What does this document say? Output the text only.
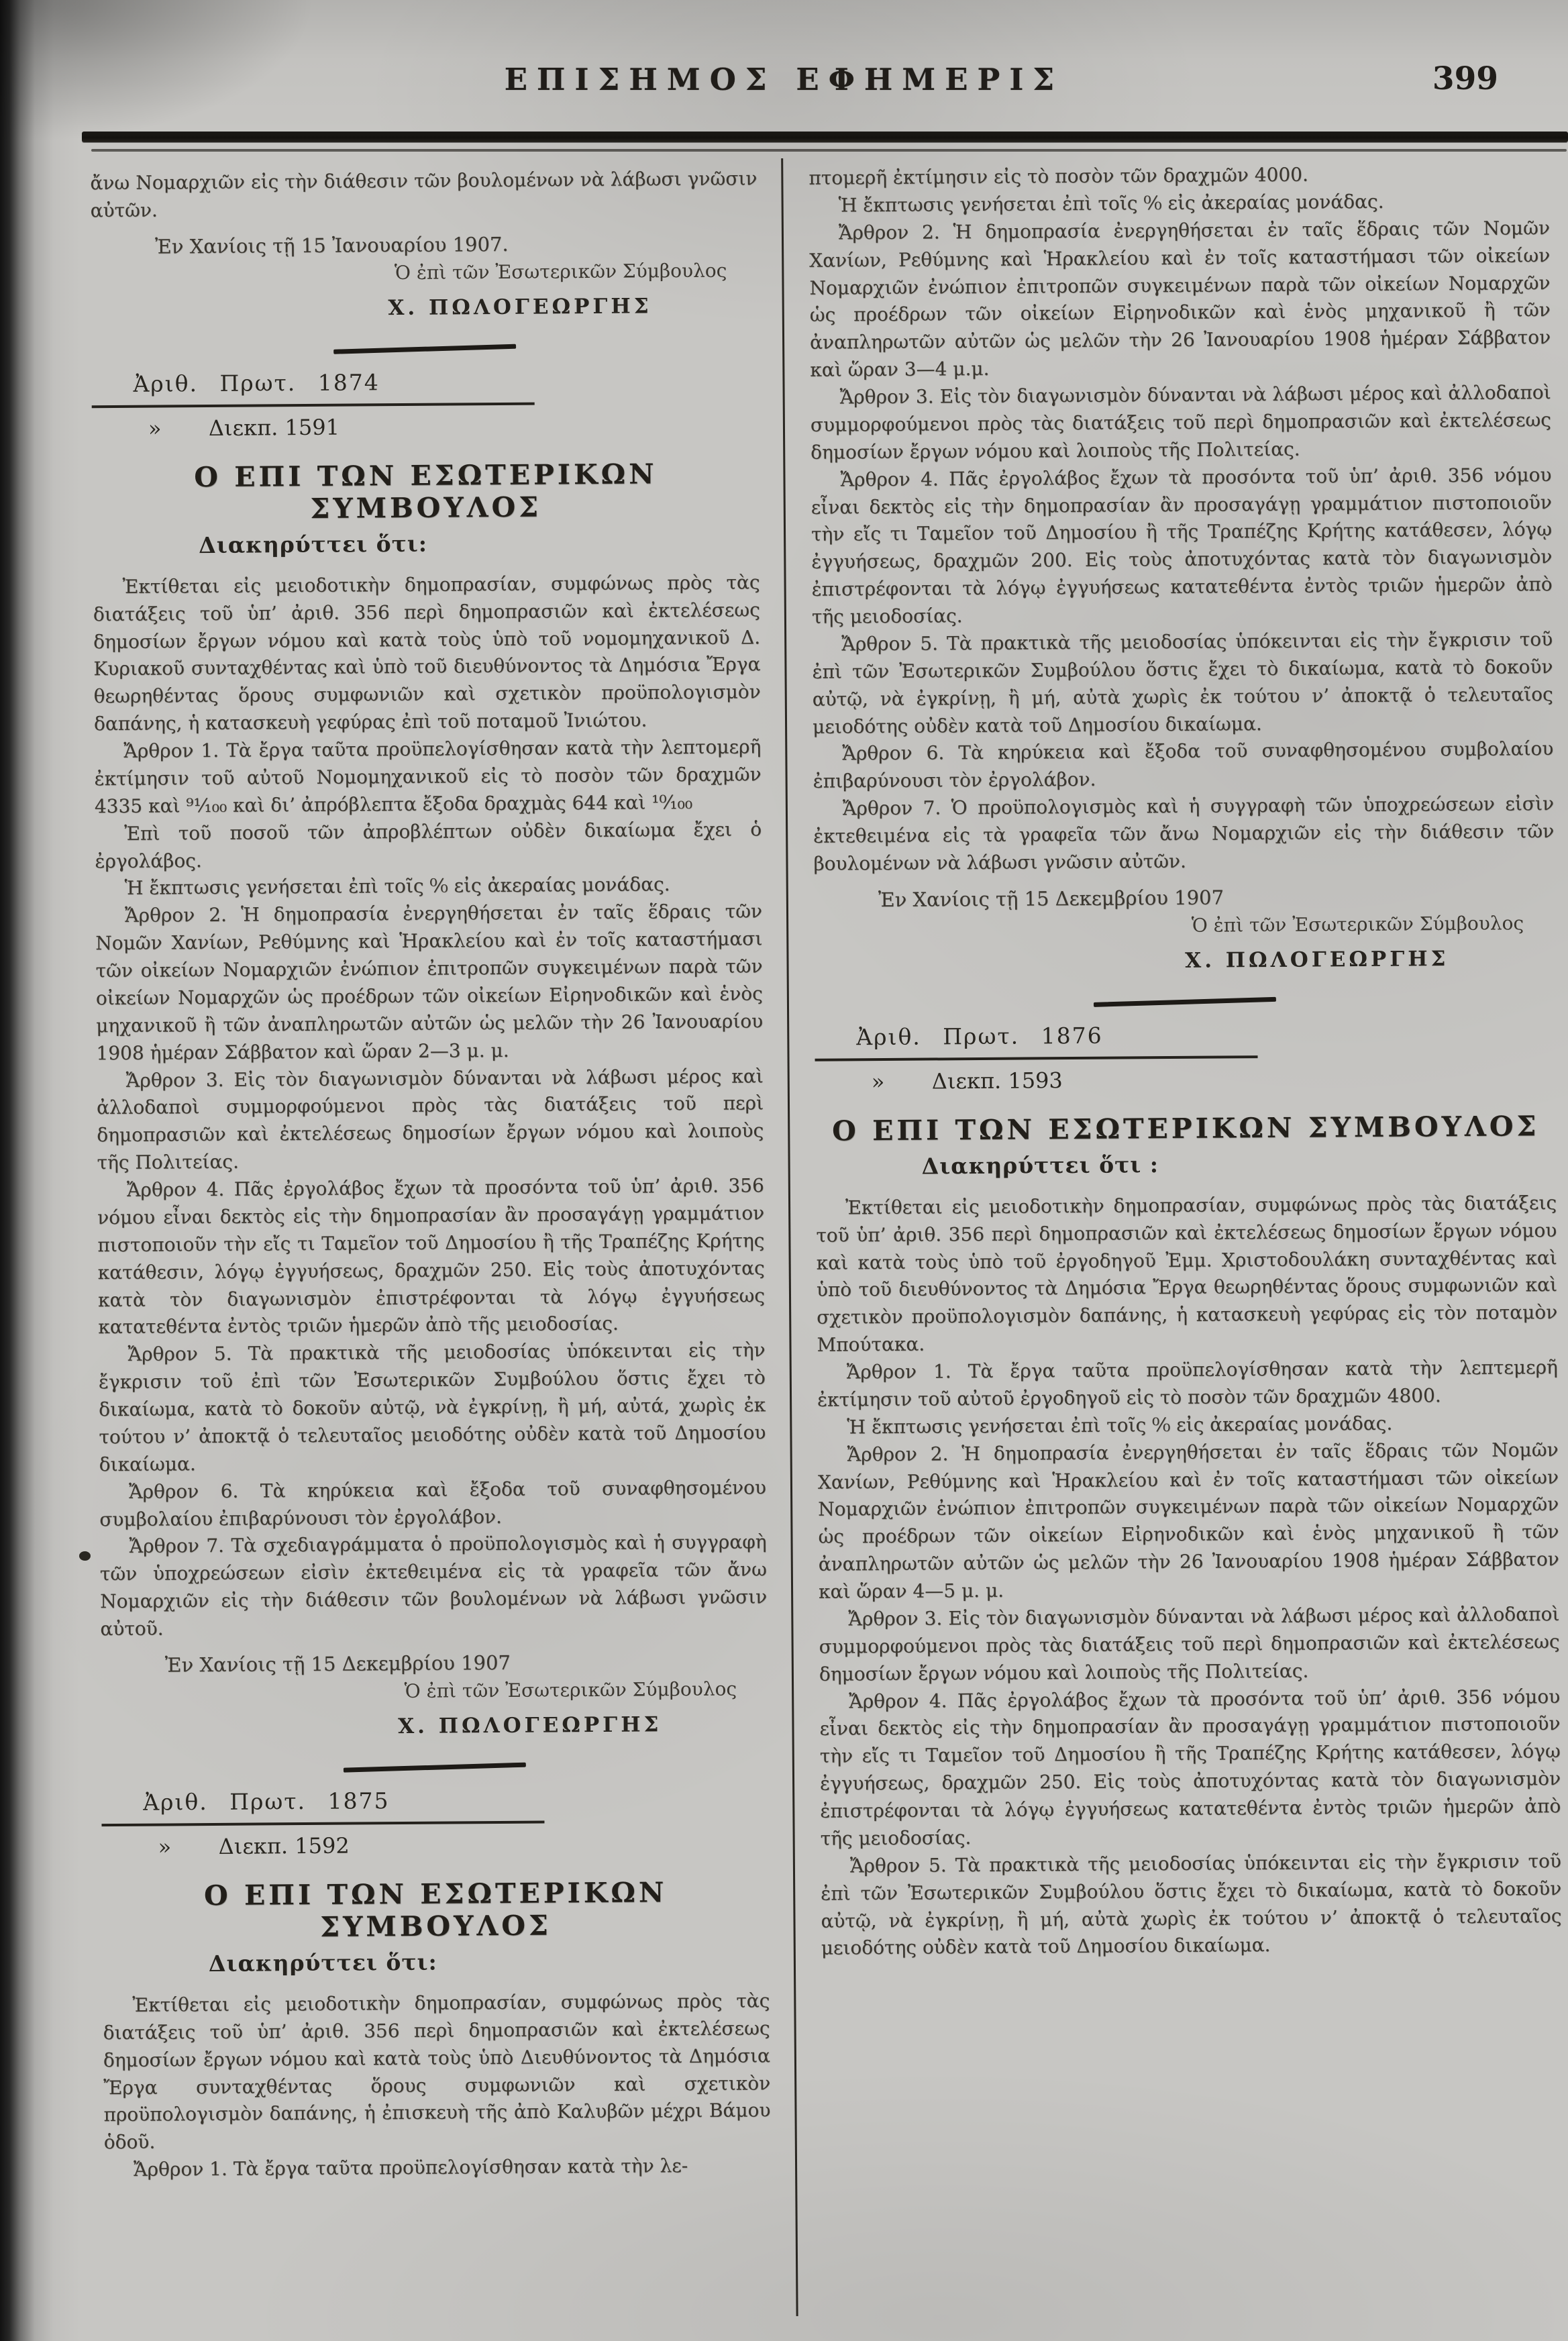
ΕΠΙΣΗΜΟΣ ΕΦΗΜΕΡΙΣ	399

ἄνω Νομαρχιῶν εἰς τὴν διάθεσιν τῶν βουλομένων νὰ λάβωσι γνῶσιν αὐτῶν.

Ἐν Χανίοις τῇ 15 Ἰανουαρίου 1907.

Ὁ ἐπὶ τῶν Ἐσωτερικῶν Σύμβουλος

Χ. ΠΩΛΟΓΕΩΡΓΗΣ

Ἀριθ. Πρωτ. 1874
» Διεκπ. 1591
Ο ΕΠΙ ΤΩΝ ΕΣΩΤΕΡΙΚΩΝ ΣΥΜΒΟΥΛΟΣ

Διακηρύττει ὅτι:

Ἐκτίθεται εἰς μειοδοτικὴν δημοπρασίαν, συμφώνως πρὸς τὰς διατάξεις τοῦ ὑπ’ ἀριθ. 356 περὶ δημοπρασιῶν καὶ ἐκτελέσεως δημοσίων ἔργων νόμου καὶ κατὰ τοὺς ὑπὸ τοῦ νομομηχανικοῦ Δ. Κυριακοῦ συνταχθέντας καὶ ὑπὸ τοῦ διευθύνοντος τὰ Δημόσια Ἔργα θεωρηθέντας ὅρους συμφωνιῶν καὶ σχετικὸν προϋπολογισμὸν δαπάνης, ἡ κατασκευὴ γεφύρας ἐπὶ τοῦ ποταμοῦ Ἰνιώτου.

Ἄρθρον 1. Τὰ ἔργα ταῦτα προϋπελογίσθησαν κατὰ τὴν λεπτομερῆ ἐκτίμησιν τοῦ αὐτοῦ Νομομηχανικοῦ εἰς τὸ ποσὸν τῶν δραχμῶν 4335 καὶ ⁹¹⁄₁₀₀ καὶ δι’ ἀπρόβλεπτα ἔξοδα δραχμὰς 644 καὶ ¹⁰⁄₁₀₀

Ἐπὶ τοῦ ποσοῦ τῶν ἀπροβλέπτων οὐδὲν δικαίωμα ἔχει ὁ ἐργολάβος.

Ἡ ἔκπτωσις γενήσεται ἐπὶ τοῖς ⁰⁄₀ εἰς ἀκεραίας μονάδας.

Ἄρθρον 2. Ἡ δημοπρασία ἐνεργηθήσεται ἐν ταῖς ἕδραις τῶν Νομῶν Χανίων, Ρεθύμνης καὶ Ἡρακλείου καὶ ἐν τοῖς καταστήμασι τῶν οἰκείων Νομαρχιῶν ἐνώπιον ἐπιτροπῶν συγκειμένων παρὰ τῶν οἰκείων Νομαρχῶν ὡς προέδρων τῶν οἰκείων Εἰρηνοδικῶν καὶ ἑνὸς μηχανικοῦ ἢ τῶν ἀναπληρωτῶν αὐτῶν ὡς μελῶν τὴν 26 Ἰανουαρίου 1908 ἡμέραν Σάββατον καὶ ὥραν 2—3 μ. μ.

Ἄρθρον 3. Εἰς τὸν διαγωνισμὸν δύνανται νὰ λάβωσι μέρος καὶ ἀλλοδαποὶ συμμορφούμενοι πρὸς τὰς διατάξεις τοῦ περὶ δημοπρασιῶν καὶ ἐκτελέσεως δημοσίων ἔργων νόμου καὶ λοιποὺς τῆς Πολιτείας.

Ἄρθρον 4. Πᾶς ἐργολάβος ἔχων τὰ προσόντα τοῦ ὑπ’ ἀριθ. 356 νόμου εἶναι δεκτὸς εἰς τὴν δημοπρασίαν ἂν προσαγάγῃ γραμμάτιον πιστοποιοῦν τὴν εἴς τι Ταμεῖον τοῦ Δημοσίου ἢ τῆς Τραπέζης Κρήτης κατάθεσιν, λόγῳ ἐγγυήσεως, δραχμῶν 250. Εἰς τοὺς ἀποτυχόντας κατὰ τὸν διαγωνισμὸν ἐπιστρέφονται τὰ λόγῳ ἐγγυήσεως κατατεθέντα ἐντὸς τριῶν ἡμερῶν ἀπὸ τῆς μειοδοσίας.

Ἄρθρον 5. Τὰ πρακτικὰ τῆς μειοδοσίας ὑπόκεινται εἰς τὴν ἔγκρισιν τοῦ ἐπὶ τῶν Ἐσωτερικῶν Συμβούλου ὅστις ἔχει τὸ δικαίωμα, κατὰ τὸ δοκοῦν αὐτῷ, νὰ ἐγκρίνῃ, ἢ μή, αὐτά, χωρὶς ἐκ τούτου ν’ ἀποκτᾷ ὁ τελευταῖος μειοδότης οὐδὲν κατὰ τοῦ Δημοσίου δικαίωμα.

Ἄρθρον 6. Τὰ κηρύκεια καὶ ἔξοδα τοῦ συναφθησομένου συμβολαίου ἐπιβαρύνουσι τὸν ἐργολάβον.

Ἄρθρον 7. Τὰ σχεδιαγράμματα ὁ προϋπολογισμὸς καὶ ἡ συγγραφὴ τῶν ὑποχρεώσεων εἰσὶν ἐκτεθειμένα εἰς τὰ γραφεῖα τῶν ἄνω Νομαρχιῶν εἰς τὴν διάθεσιν τῶν βουλομένων νὰ λάβωσι γνῶσιν αὐτοῦ.

Ἐν Χανίοις τῇ 15 Δεκεμβρίου 1907

Ὁ ἐπὶ τῶν Ἐσωτερικῶν Σύμβουλος

Χ. ΠΩΛΟΓΕΩΡΓΗΣ

Ἀριθ. Πρωτ. 1875
» Διεκπ. 1592
Ο ΕΠΙ ΤΩΝ ΕΣΩΤΕΡΙΚΩΝ ΣΥΜΒΟΥΛΟΣ

Διακηρύττει ὅτι:

Ἐκτίθεται εἰς μειοδοτικὴν δημοπρασίαν, συμφώνως πρὸς τὰς διατάξεις τοῦ ὑπ’ ἀριθ. 356 περὶ δημοπρασιῶν καὶ ἐκτελέσεως δημοσίων ἔργων νόμου καὶ κατὰ τοὺς ὑπὸ Διευθύνοντος τὰ Δημόσια Ἔργα συνταχθέντας ὅρους συμφωνιῶν καὶ σχετικὸν προϋπολογισμὸν δαπάνης, ἡ ἐπισκευὴ τῆς ἀπὸ Καλυβῶν μέχρι Βάμου ὁδοῦ.

Ἄρθρον 1. Τὰ ἔργα ταῦτα προϋπελογίσθησαν κατὰ τὴν λε-

πτομερῆ ἐκτίμησιν εἰς τὸ ποσὸν τῶν δραχμῶν 4000.

Ἡ ἔκπτωσις γενήσεται ἐπὶ τοῖς ⁰⁄₀ εἰς ἀκεραίας μονάδας.

Ἄρθρον 2. Ἡ δημοπρασία ἐνεργηθήσεται ἐν ταῖς ἕδραις τῶν Νομῶν Χανίων, Ρεθύμνης καὶ Ἡρακλείου καὶ ἐν τοῖς καταστήμασι τῶν οἰκείων Νομαρχιῶν ἐνώπιον ἐπιτροπῶν συγκειμένων παρὰ τῶν οἰκείων Νομαρχῶν ὡς προέδρων τῶν οἰκείων Εἰρηνοδικῶν καὶ ἑνὸς μηχανικοῦ ἢ τῶν ἀναπληρωτῶν αὐτῶν ὡς μελῶν τὴν 26 Ἰανουαρίου 1908 ἡμέραν Σάββατον καὶ ὥραν 3—4 μ.μ.

Ἄρθρον 3. Εἰς τὸν διαγωνισμὸν δύνανται νὰ λάβωσι μέρος καὶ ἀλλοδαποὶ συμμορφούμενοι πρὸς τὰς διατάξεις τοῦ περὶ δημοπρασιῶν καὶ ἐκτελέσεως δημοσίων ἔργων νόμου καὶ λοιποὺς τῆς Πολιτείας.

Ἄρθρον 4. Πᾶς ἐργολάβος ἔχων τὰ προσόντα τοῦ ὑπ’ ἀριθ. 356 νόμου εἶναι δεκτὸς εἰς τὴν δημοπρασίαν ἂν προσαγάγῃ γραμμάτιον πιστοποιοῦν τὴν εἴς τι Ταμεῖον τοῦ Δημοσίου ἢ τῆς Τραπέζης Κρήτης κατάθεσεν, λόγῳ ἐγγυήσεως, δραχμῶν 200. Εἰς τοὺς ἀποτυχόντας κατὰ τὸν διαγωνισμὸν ἐπιστρέφονται τὰ λόγῳ ἐγγυήσεως κατατεθέντα ἐντὸς τριῶν ἡμερῶν ἀπὸ τῆς μειοδοσίας.

Ἄρθρον 5. Τὰ πρακτικὰ τῆς μειοδοσίας ὑπόκεινται εἰς τὴν ἔγκρισιν τοῦ ἐπὶ τῶν Ἐσωτερικῶν Συμβούλου ὅστις ἔχει τὸ δικαίωμα, κατὰ τὸ δοκοῦν αὐτῷ, νὰ ἐγκρίνῃ, ἢ μή, αὐτὰ χωρὶς ἐκ τούτου ν’ ἀποκτᾷ ὁ τελευταῖος μειοδότης οὐδὲν κατὰ τοῦ Δημοσίου δικαίωμα.

Ἄρθρον 6. Τὰ κηρύκεια καὶ ἔξοδα τοῦ συναφθησομένου συμβολαίου ἐπιβαρύνουσι τὸν ἐργολάβον.

Ἄρθρον 7. Ὁ προϋπολογισμὸς καὶ ἡ συγγραφὴ τῶν ὑποχρεώσεων εἰσὶν ἐκτεθειμένα εἰς τὰ γραφεῖα τῶν ἄνω Νομαρχιῶν εἰς τὴν διάθεσιν τῶν βουλομένων νὰ λάβωσι γνῶσιν αὐτῶν.

Ἐν Χανίοις τῇ 15 Δεκεμβρίου 1907

Ὁ ἐπὶ τῶν Ἐσωτερικῶν Σύμβουλος

Χ. ΠΩΛΟΓΕΩΡΓΗΣ

Ἀριθ. Πρωτ. 1876
» Διεκπ. 1593
Ο ΕΠΙ ΤΩΝ ΕΣΩΤΕΡΙΚΩΝ ΣΥΜΒΟΥΛΟΣ

Διακηρύττει ὅτι :

Ἐκτίθεται εἰς μειοδοτικὴν δημοπρασίαν, συμφώνως πρὸς τὰς διατάξεις τοῦ ὑπ’ ἀριθ. 356 περὶ δημοπρασιῶν καὶ ἐκτελέσεως δημοσίων ἔργων νόμου καὶ κατὰ τοὺς ὑπὸ τοῦ ἐργοδηγοῦ Ἐμμ. Χριστοδουλάκη συνταχθέντας καὶ ὑπὸ τοῦ διευθύνοντος τὰ Δημόσια Ἔργα θεωρηθέντας ὅρους συμφωνιῶν καὶ σχετικὸν προϋπολογισμὸν δαπάνης, ἡ κατασκευὴ γεφύρας εἰς τὸν ποταμὸν Μπούτακα.

Ἄρθρον 1. Τὰ ἔργα ταῦτα προϋπελογίσθησαν κατὰ τὴν λεπτεμερῆ ἐκτίμησιν τοῦ αὐτοῦ ἐργοδηγοῦ εἰς τὸ ποσὸν τῶν δραχμῶν 4800.

Ἡ ἔκπτωσις γενήσεται ἐπὶ τοῖς ⁰⁄₀ εἰς ἀκεραίας μονάδας.

Ἄρθρον 2. Ἡ δημοπρασία ἐνεργηθήσεται ἐν ταῖς ἕδραις τῶν Νομῶν Χανίων, Ρεθύμνης καὶ Ἡρακλείου καὶ ἐν τοῖς καταστήμασι τῶν οἰκείων Νομαρχιῶν ἐνώπιον ἐπιτροπῶν συγκειμένων παρὰ τῶν οἰκείων Νομαρχῶν ὡς προέδρων τῶν οἰκείων Εἰρηνοδικῶν καὶ ἑνὸς μηχανικοῦ ἢ τῶν ἀναπληρωτῶν αὐτῶν ὡς μελῶν τὴν 26 Ἰανουαρίου 1908 ἡμέραν Σάββατον καὶ ὥραν 4—5 μ. μ.

Ἄρθρον 3. Εἰς τὸν διαγωνισμὸν δύνανται νὰ λάβωσι μέρος καὶ ἀλλοδαποὶ συμμορφούμενοι πρὸς τὰς διατάξεις τοῦ περὶ δημοπρασιῶν καὶ ἐκτελέσεως δημοσίων ἔργων νόμου καὶ λοιποὺς τῆς Πολιτείας.

Ἄρθρον 4. Πᾶς ἐργολάβος ἔχων τὰ προσόντα τοῦ ὑπ’ ἀριθ. 356 νόμου εἶναι δεκτὸς εἰς τὴν δημοπρασίαν ἂν προσαγάγῃ γραμμάτιον πιστοποιοῦν τὴν εἴς τι Ταμεῖον τοῦ Δημοσίου ἢ τῆς Τραπέζης Κρήτης κατάθεσεν, λόγῳ ἐγγυήσεως, δραχμῶν 250. Εἰς τοὺς ἀποτυχόντας κατὰ τὸν διαγωνισμὸν ἐπιστρέφονται τὰ λόγῳ ἐγγυήσεως κατατεθέντα ἐντὸς τριῶν ἡμερῶν ἀπὸ τῆς μειοδοσίας.

Ἄρθρον 5. Τὰ πρακτικὰ τῆς μειοδοσίας ὑπόκεινται εἰς τὴν ἔγκρισιν τοῦ ἐπὶ τῶν Ἐσωτερικῶν Συμβούλου ὅστις ἔχει τὸ δικαίωμα, κατὰ τὸ δοκοῦν αὐτῷ, νὰ ἐγκρίνῃ, ἢ μή, αὐτὰ χωρὶς ἐκ τούτου ν’ ἀποκτᾷ ὁ τελευταῖος μειοδότης οὐδὲν κατὰ τοῦ Δημοσίου δικαίωμα.
